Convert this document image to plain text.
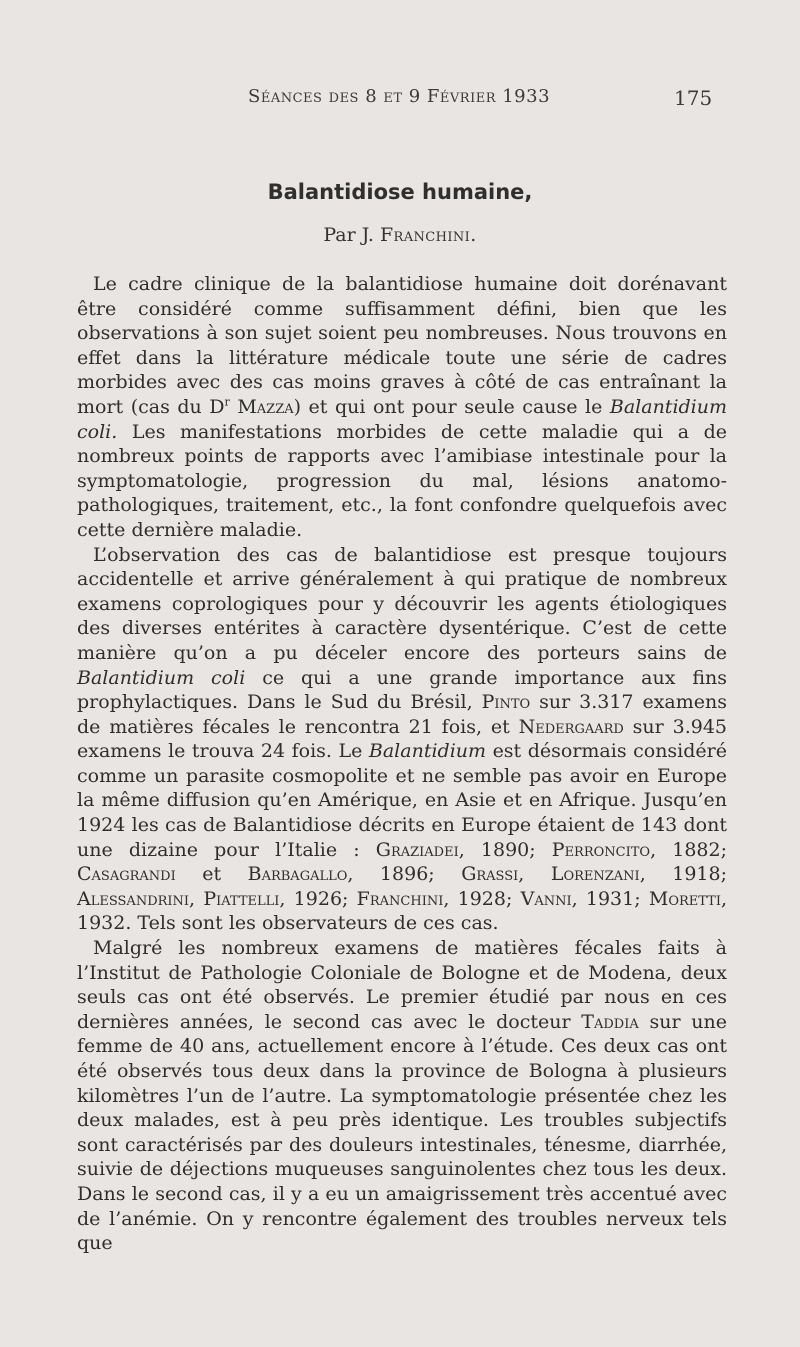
Séances des 8 et 9 Février 1933	175
Balantidiose humaine,
Par J. Franchini.

Le cadre clinique de la balantidiose humaine doit dorénavant être considéré comme suffisamment défini, bien que les observations à son sujet soient peu nombreuses. Nous trouvons en effet dans la littérature médicale toute une série de cadres morbides avec des cas moins graves à côté de cas entraînant la mort (cas du $D^r$ Mazza) et qui ont pour seule cause le Balantidium coli. Les manifestations morbides de cette maladie qui a de nombreux points de rapports avec l’amibiase intestinale pour la symptomatologie, progression du mal, lésions anatomo-pathologiques, traitement, etc., la font confondre quelquefois avec cette dernière maladie.

L’observation des cas de balantidiose est presque toujours accidentelle et arrive généralement à qui pratique de nombreux examens coprologiques pour y découvrir les agents étiologiques des diverses entérites à caractère dysentérique. C’est de cette manière qu’on a pu déceler encore des porteurs sains de Balantidium coli ce qui a une grande importance aux fins prophylactiques. Dans le Sud du Brésil, Pinto sur 3.317 examens de matières fécales le rencontra 21 fois, et Nedergaard sur 3.945 examens le trouva 24 fois. Le Balantidium est désormais considéré comme un parasite cosmopolite et ne semble pas avoir en Europe la même diffusion qu’en Amérique, en Asie et en Afrique. Jusqu’en 1924 les cas de Balantidiose décrits en Europe étaient de 143 dont une dizaine pour l’Italie : Graziadei, 1890; Perroncito, 1882; Casagrandi et Barbagallo, 1896; Grassi, Lorenzani, 1918; Alessandrini, Piattelli, 1926; Franchini, 1928; Vanni, 1931; Moretti, 1932. Tels sont les observateurs de ces cas.

Malgré les nombreux examens de matières fécales faits à l’Institut de Pathologie Coloniale de Bologne et de Modena, deux seuls cas ont été observés. Le premier étudié par nous en ces dernières années, le second cas avec le docteur Taddia sur une femme de 40 ans, actuellement encore à l’étude. Ces deux cas ont été observés tous deux dans la province de Bologna à plusieurs kilomètres l’un de l’autre. La symptomatologie présentée chez les deux malades, est à peu près identique. Les troubles subjectifs sont caractérisés par des douleurs intestinales, ténesme, diarrhée, suivie de déjections muqueuses sanguinolentes chez tous les deux. Dans le second cas, il y a eu un amaigrissement très accentué avec de l’anémie. On y rencontre également des troubles nerveux tels que
